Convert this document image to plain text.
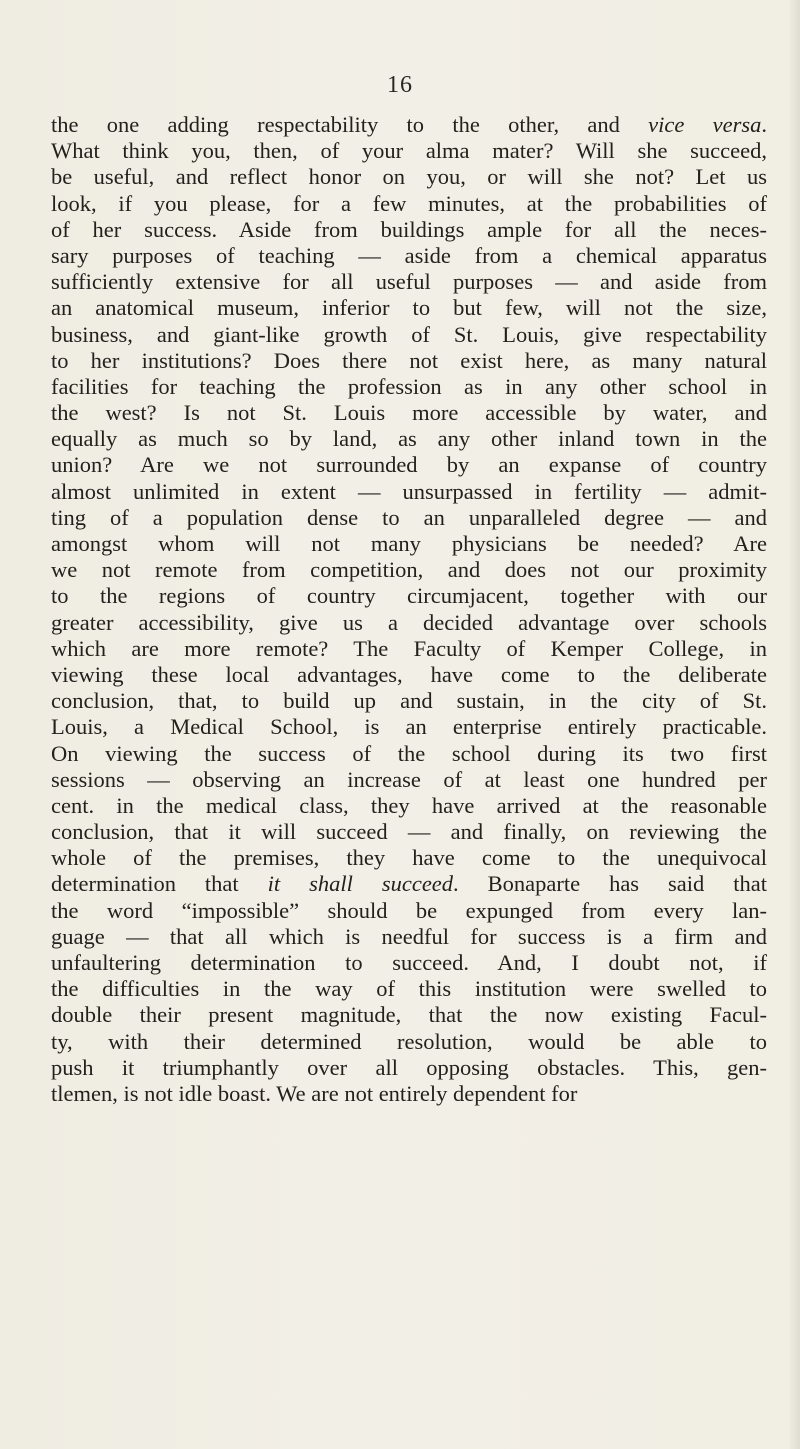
16
the one adding respectability to the other, and vice versa.
What think you, then, of your alma mater? Will she succeed,
be useful, and reflect honor on you, or will she not? Let us
look, if you please, for a few minutes, at the probabilities of
of her success. Aside from buildings ample for all the neces-
sary purposes of teaching — aside from a chemical apparatus
sufficiently extensive for all useful purposes — and aside from
an anatomical museum, inferior to but few, will not the size,
business, and giant-like growth of St. Louis, give respectability
to her institutions? Does there not exist here, as many natural
facilities for teaching the profession as in any other school in
the west? Is not St. Louis more accessible by water, and
equally as much so by land, as any other inland town in the
union? Are we not surrounded by an expanse of country
almost unlimited in extent — unsurpassed in fertility — admit-
ting of a population dense to an unparalleled degree — and
amongst whom will not many physicians be needed? Are
we not remote from competition, and does not our proximity
to the regions of country circumjacent, together with our
greater accessibility, give us a decided advantage over schools
which are more remote? The Faculty of Kemper College, in
viewing these local advantages, have come to the deliberate
conclusion, that, to build up and sustain, in the city of St.
Louis, a Medical School, is an enterprise entirely practicable.
On viewing the success of the school during its two first
sessions — observing an increase of at least one hundred per
cent. in the medical class, they have arrived at the reasonable
conclusion, that it will succeed — and finally, on reviewing the
whole of the premises, they have come to the unequivocal
determination that it shall succeed. Bonaparte has said that
the word “impossible” should be expunged from every lan-
guage — that all which is needful for success is a firm and
unfaultering determination to succeed. And, I doubt not, if
the difficulties in the way of this institution were swelled to
double their present magnitude, that the now existing Facul-
ty, with their determined resolution, would be able to
push it triumphantly over all opposing obstacles. This, gen-
tlemen, is not idle boast. We are not entirely dependent for
